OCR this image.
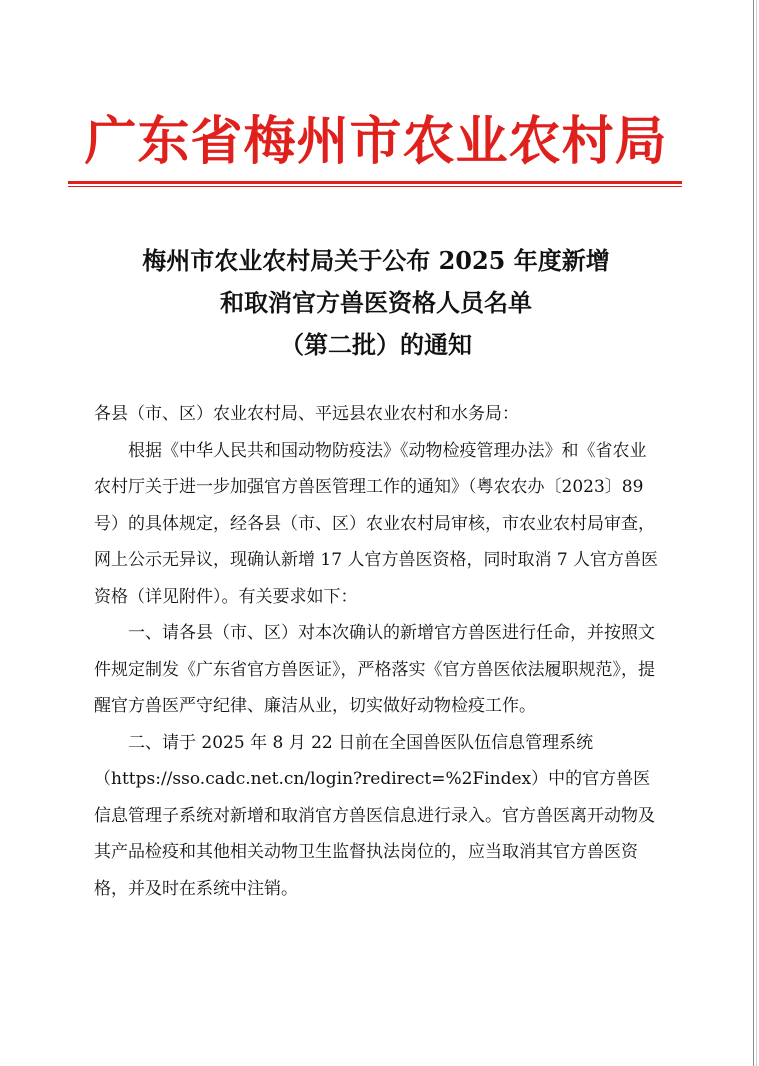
广东省梅州市农业农村局
梅州市农业农村局关于公布 2025 年度新增
和取消官方兽医资格人员名单
（第二批）的通知

各县（市、区）农业农村局、平远县农业农村和水务局：

根据《中华人民共和国动物防疫法》《动物检疫管理办法》和《省农业农村厅关于进一步加强官方兽医管理工作的通知》（粤农农办〔2023〕89 号）的具体规定，经各县（市、区）农业农村局审核，市农业农村局审查，网上公示无异议，现确认新增 17 人官方兽医资格，同时取消 7 人官方兽医资格（详见附件）。有关要求如下：

一、请各县（市、区）对本次确认的新增官方兽医进行任命，并按照文件规定制发《广东省官方兽医证》，严格落实《官方兽医依法履职规范》，提醒官方兽医严守纪律、廉洁从业，切实做好动物检疫工作。

二、请于 2025 年 8 月 22 日前在全国兽医队伍信息管理系统（https://sso.cadc.net.cn/login?redirect=%2Findex）中的官方兽医信息管理子系统对新增和取消官方兽医信息进行录入。官方兽医离开动物及其产品检疫和其他相关动物卫生监督执法岗位的，应当取消其官方兽医资格，并及时在系统中注销。
